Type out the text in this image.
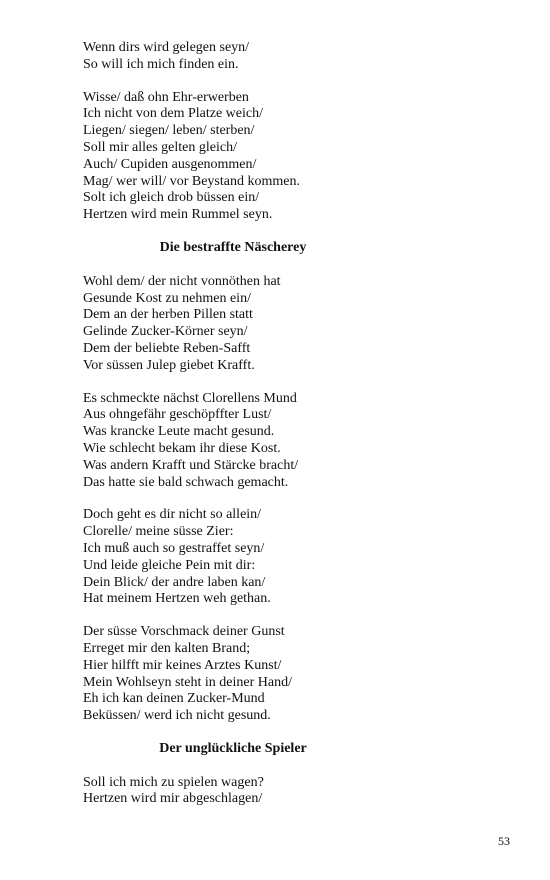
Wenn dirs wird gelegen seyn/
So will ich mich finden ein.
Wisse/ daß ohn Ehr-erwerben
Ich nicht von dem Platze weich/
Liegen/ siegen/ leben/ sterben/
Soll mir alles gelten gleich/
Auch/ Cupiden ausgenommen/
Mag/ wer will/ vor Beystand kommen.
Solt ich gleich drob büssen ein/
Hertzen wird mein Rummel seyn.
Die bestraffte Näscherey
Wohl dem/ der nicht vonnöthen hat
Gesunde Kost zu nehmen ein/
Dem an der herben Pillen statt
Gelinde Zucker-Körner seyn/
Dem der beliebte Reben-Safft
Vor süssen Julep giebet Krafft.
Es schmeckte nächst Clorellens Mund
Aus ohngefähr geschöpffter Lust/
Was krancke Leute macht gesund.
Wie schlecht bekam ihr diese Kost.
Was andern Krafft und Stärcke bracht/
Das hatte sie bald schwach gemacht.
Doch geht es dir nicht so allein/
Clorelle/ meine süsse Zier:
Ich muß auch so gestraffet seyn/
Und leide gleiche Pein mit dir:
Dein Blick/ der andre laben kan/
Hat meinem Hertzen weh gethan.
Der süsse Vorschmack deiner Gunst
Erreget mir den kalten Brand;
Hier hilfft mir keines Arztes Kunst/
Mein Wohlseyn steht in deiner Hand/
Eh ich kan deinen Zucker-Mund
Beküssen/ werd ich nicht gesund.
Der unglückliche Spieler
Soll ich mich zu spielen wagen?
Hertzen wird mir abgeschlagen/
53
